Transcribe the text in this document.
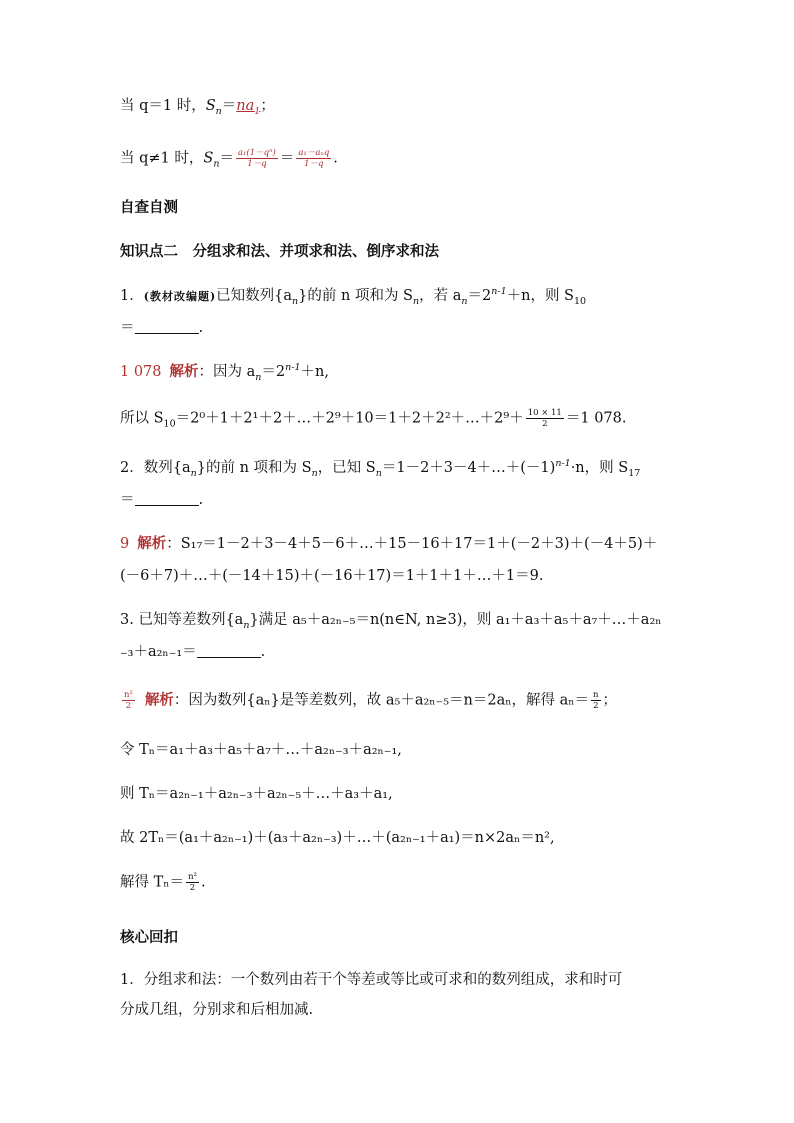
当 q＝1 时，$S_n=na_1$；
当 q≠1 时，$S_n= \frac{\text{a₁(1－qⁿ)}}{1-q} = \frac{\text{a₁－aₙq}}{1-q}$ .
自查自测
知识点二　分组求和法、并项求和法、倒序求和法
1．(教材改编题)已知数列$\{a_n\}$的前 n 项和为 $S_n$，若 $a_n=2^{n-1}+n$，则 $S_{10}$
＝	.
1 078 解析：因为 $a_n=2^{n-1}+n$,
所以 $S_{10}=2^0+1+2^1+2+\dots+2^9+10=1+2+2^2+\dots+2^9+ \frac{10 \times 11}{2} =1$ 078.
2．数列$\{a_n\}$的前 n 项和为 $S_n$，已知 $S_n=1-2+3-4+\dots+(-1)^{n-1}\cdot n$，则 $S_{17}$
＝	.
9 解析：S₁₇＝1－2＋3－4＋5－6＋…＋15－16＋17＝1＋(－2＋3)＋(－4＋5)＋
(－6＋7)＋…＋(－14＋15)＋(－16＋17)＝1＋1＋1＋…＋1＝9.
3. 已知等差数列$\{a_n\}$满足 a₅＋a₂ₙ₋₅＝n(n∈N, n≥3)，则 a₁＋a₃＋a₅＋a₇＋…＋a₂ₙ
₋₃＋a₂ₙ₋₁＝	.
$\frac{\text{n²}}{2}$ 解析：因为数列{aₙ}是等差数列，故 a₅＋a₂ₙ₋₅＝n＝2aₙ，解得 $a_n= \frac{n}{2}$ ；
令 Tₙ＝a₁＋a₃＋a₅＋a₇＋…＋a₂ₙ₋₃＋a₂ₙ₋₁,
则 Tₙ＝a₂ₙ₋₁＋a₂ₙ₋₃＋a₂ₙ₋₅＋…＋a₃＋a₁,
故 2Tₙ＝(a₁＋a₂ₙ₋₁)＋(a₃＋a₂ₙ₋₃)＋…＋(a₂ₙ₋₁＋a₁)＝n×2aₙ＝n²,
解得 $T_n= \frac{\text{n²}}{2}$ .
核心回扣
1．分组求和法：一个数列由若干个等差或等比或可求和的数列组成，求和时可
分成几组，分别求和后相加减.
